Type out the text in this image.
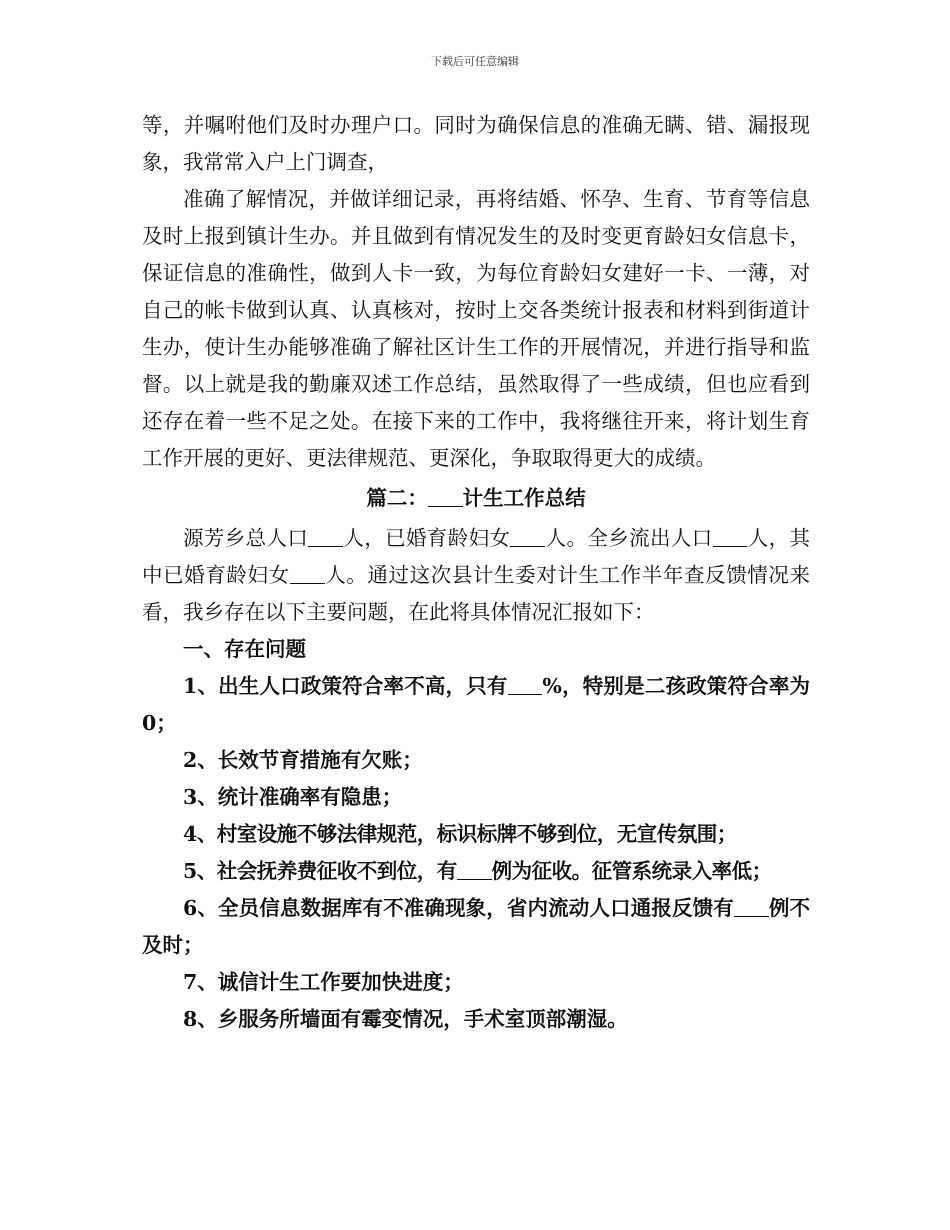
下载后可任意编辑

等，并嘱咐他们及时办理户口。同时为确保信息的准确无瞒、错、漏报现象，我常常入户上门调查，

准确了解情况，并做详细记录，再将结婚、怀孕、生育、节育等信息及时上报到镇计生办。并且做到有情况发生的及时变更育龄妇女信息卡，保证信息的准确性，做到人卡一致，为每位育龄妇女建好一卡、一薄，对自己的帐卡做到认真、认真核对，按时上交各类统计报表和材料到街道计生办，使计生办能够准确了解社区计生工作的开展情况，并进行指导和监督。以上就是我的勤廉双述工作总结，虽然取得了一些成绩，但也应看到还存在着一些不足之处。在接下来的工作中，我将继往开来，将计划生育工作开展的更好、更法律规范、更深化，争取取得更大的成绩。

篇二： 计生工作总结

源芳乡总人口 人，已婚育龄妇女 人。全乡流出人口 人，其中已婚育龄妇女 人。通过这次县计生委对计生工作半年查反馈情况来看，我乡存在以下主要问题，在此将具体情况汇报如下：

一、存在问题

1、出生人口政策符合率不高，只有 %，特别是二孩政策符合率为0；

2、长效节育措施有欠账；

3、统计准确率有隐患；

4、村室设施不够法律规范，标识标牌不够到位，无宣传氛围；

5、社会抚养费征收不到位，有 例为征收。征管系统录入率低；

6、全员信息数据库有不准确现象，省内流动人口通报反馈有 例不及时；

7、诚信计生工作要加快进度；

8、乡服务所墙面有霉变情况，手术室顶部潮湿。
